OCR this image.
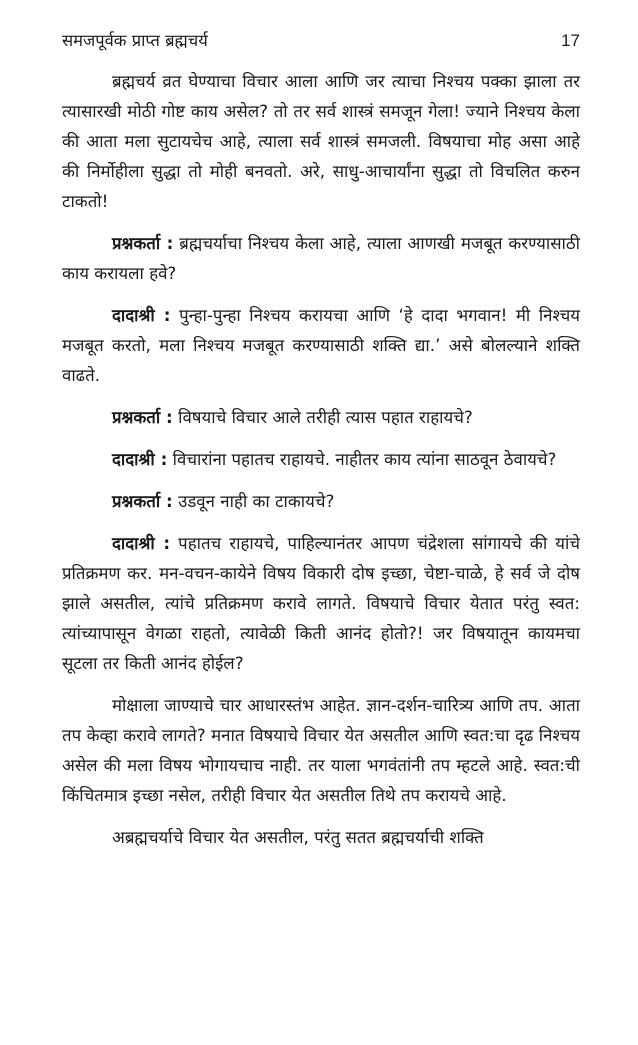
समजपूर्वक प्राप्त ब्रह्मचर्य	17

ब्रह्मचर्य व्रत घेण्याचा विचार आला आणि जर त्याचा निश्चय पक्का झाला तर त्यासारखी मोठी गोष्ट काय असेल? तो तर सर्व शास्त्रं समजून गेला! ज्याने निश्चय केला की आता मला सुटायचेच आहे, त्याला सर्व शास्त्रं समजली. विषयाचा मोह असा आहे की निर्मोहीला सुद्धा तो मोही बनवतो. अरे, साधु-आचार्यांना सुद्धा तो विचलित करुन टाकतो!

प्रश्नकर्ता : ब्रह्मचर्याचा निश्चय केला आहे, त्याला आणखी मजबूत करण्यासाठी काय करायला हवे?

दादाश्री : पुन्हा-पुन्हा निश्चय करायचा आणि ‘हे दादा भगवान! मी निश्चय मजबूत करतो, मला निश्चय मजबूत करण्यासाठी शक्ति द्या.’ असे बोलल्याने शक्ति वाढते.

प्रश्नकर्ता : विषयाचे विचार आले तरीही त्यास पहात राहायचे?

दादाश्री : विचारांना पहातच राहायचे. नाहीतर काय त्यांना साठवून ठेवायचे?

प्रश्नकर्ता : उडवून नाही का टाकायचे?

दादाश्री : पहातच राहायचे, पाहिल्यानंतर आपण चंद्रेशला सांगायचे की यांचे प्रतिक्रमण कर. मन-वचन-कायेने विषय विकारी दोष इच्छा, चेष्टा-चाळे, हे सर्व जे दोष झाले असतील, त्यांचे प्रतिक्रमण करावे लागते. विषयाचे विचार येतात परंतु स्वत: त्यांच्यापासून वेगळा राहतो, त्यावेळी किती आनंद होतो?! जर विषयातून कायमचा सूटला तर किती आनंद होईल?

मोक्षाला जाण्याचे चार आधारस्तंभ आहेत. ज्ञान-दर्शन-चारित्र्य आणि तप. आता तप केव्हा करावे लागते? मनात विषयाचे विचार येत असतील आणि स्वत:चा दृढ निश्चय असेल की मला विषय भोगायचाच नाही. तर याला भगवंतांनी तप म्हटले आहे. स्वत:ची किंचितमात्र इच्छा नसेल, तरीही विचार येत असतील तिथे तप करायचे आहे.

अब्रह्मचर्याचे विचार येत असतील, परंतु सतत ब्रह्मचर्याची शक्ति
